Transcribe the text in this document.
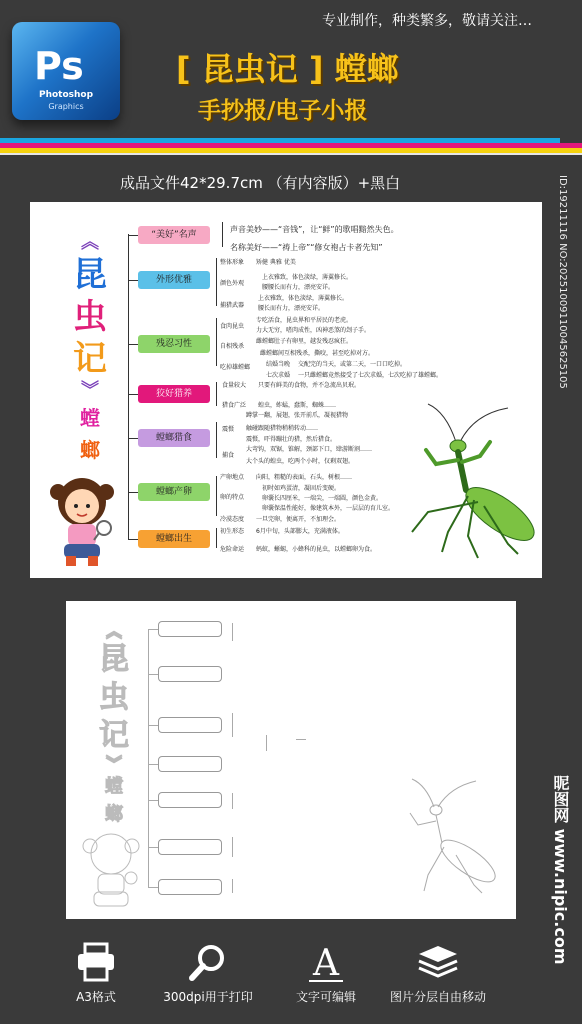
Ps
Photoshop
Graphics
专业制作，种类繁多，敬请关注…
[ 昆虫记 ] 螳螂
手抄报/电子小报
成品文件42*29.7cm （有内容版）+黑白	ID:19211116 NO:20251009110045625105
︽
昆
虫
记
︾
螳
螂
“美好”名声
外形优雅
残忍习性
狡好猎养
螳螂猎食
螳螂产卵
螳螂出生
声音美妙——“音钱”，让“鲜”的歌唱黯然失色。
名称美好——“祷上帝”“修女袍占卡者先知”
整体形象 矫健 典雅 优美
颜色外观
上衣雅致，体色淡绿，薄翼修长。
腰腰长而有力，漂亮安详。
捕猎武器
上衣雅致，体色淡绿，薄翼修长。
腰长而有力，漂亮安详。
食肉昆虫
专吃活食，昆虫界和平居民的老虎。
力大无穷，嗜肉成性，凶神恶煞的刽子手。
自相残杀
雌螳螂肚子有卵里，越发残忍疯狂。
吃掉雄螳螂
雌螳螂间互相残杀，撕咬，甚至吃掉对方。
结婚当晚 交配完的当天，或第二天，一口口吃掉。
七次求婚 一只雌螳螂竟然接受了七次求婚，七次吃掉了雄螳螂。
食量较大 只要有鲜美的食物，并不急流出贝珉。
猎食广泛 蝗虫，蚱蜢，蠢斯，蜘蛛……
震慑
蹲掌一翻，展翅，张开前爪，凝视猎物
触碰跟随猎物稍稍转动……
震慑，吓得蹦壮的猎，然后猎食。
捕食
大弯钩，双锯，锥解，颈部下口，肆游断割……
大个头的蝗虫，吃两个小时，仅剩双翅。
产卵地点 向阳，粗糙的表面，石头，树根……
卵的特点
初时如鸡蛋清，凝固后变硬。
卵囊长四厘米，一端尖，一端圆，颜色金黄。
卵囊保温性能好，像建筑本外，一层层的育儿室。
冷漠态度 一旦完卵，便离开，不加理会。
初生形态 6月中旬，头部膨大，充满液体。
危险命运 蚂蚁，蜥蜴，小蜂科的昆虫，以螳螂卵为食。
︽
昆
虫
记
︾
螳
螂
A3格式	300dpi用于打印
A
文字可编辑	图片分层自由移动
昵图网 www.nipic.com
